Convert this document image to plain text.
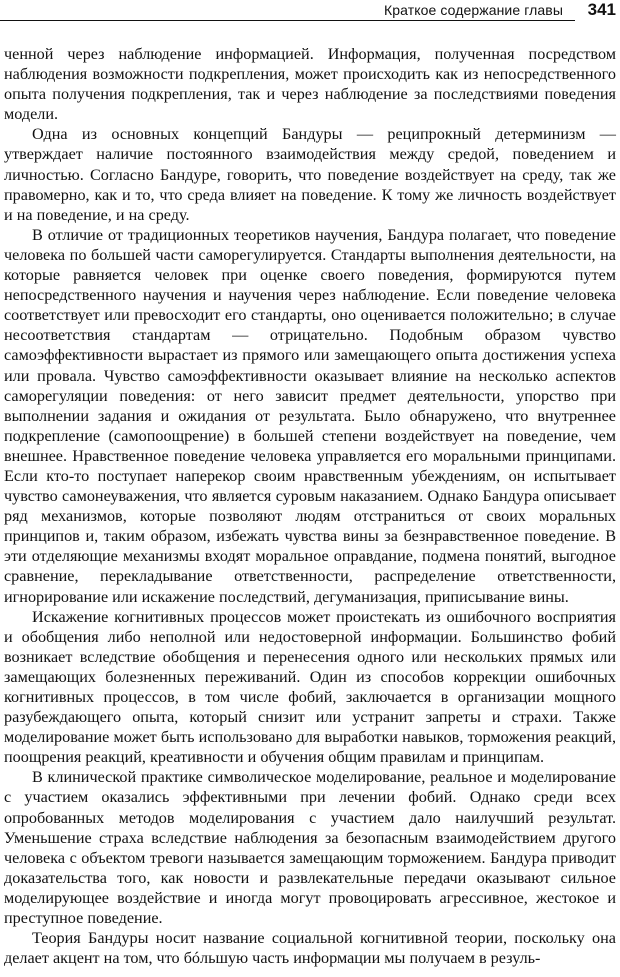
Краткое содержание главы 341

ченной через наблюдение информацией. Информация, полученная посредством наблюдения возможности подкрепления, может происходить как из непосредственного опыта получения подкрепления, так и через наблюдение за последствиями поведения модели.

Одна из основных концепций Бандуры — реципрокный детерминизм — утверждает наличие постоянного взаимодействия между средой, поведением и личностью. Согласно Бандуре, говорить, что поведение воздействует на среду, так же правомерно, как и то, что среда влияет на поведение. К тому же личность воздействует и на поведение, и на среду.

В отличие от традиционных теоретиков научения, Бандура полагает, что поведение человека по большей части саморегулируется. Стандарты выполнения деятельности, на которые равняется человек при оценке своего поведения, формируются путем непосредственного научения и научения через наблюдение. Если поведение человека соответствует или превосходит его стандарты, оно оценивается положительно; в случае несоответствия стандартам — отрицательно. Подобным образом чувство самоэффективности вырастает из прямого или замещающего опыта достижения успеха или провала. Чувство самоэффективности оказывает влияние на несколько аспектов саморегуляции поведения: от него зависит предмет деятельности, упорство при выполнении задания и ожидания от результата. Было обнаружено, что внутреннее подкрепление (самопоощрение) в большей степени воздействует на поведение, чем внешнее. Нравственное поведение человека управляется его моральными принципами. Если кто-то поступает наперекор своим нравственным убеждениям, он испытывает чувство самонеуважения, что является суровым наказанием. Однако Бандура описывает ряд механизмов, которые позволяют людям отстраниться от своих моральных принципов и, таким образом, избежать чувства вины за безнравственное поведение. В эти отделяющие механизмы входят моральное оправдание, подмена понятий, выгодное сравнение, перекладывание ответственности, распределение ответственности, игнорирование или искажение последствий, дегуманизация, приписывание вины.

Искажение когнитивных процессов может проистекать из ошибочного восприятия и обобщения либо неполной или недостоверной информации. Большинство фобий возникает вследствие обобщения и перенесения одного или нескольких прямых или замещающих болезненных переживаний. Один из способов коррекции ошибочных когнитивных процессов, в том числе фобий, заключается в организации мощного разубеждающего опыта, который снизит или устранит запреты и страхи. Также моделирование может быть использовано для выработки навыков, торможения реакций, поощрения реакций, креативности и обучения общим правилам и принципам.

В клинической практике символическое моделирование, реальное и моделирование с участием оказались эффективными при лечении фобий. Однако среди всех опробованных методов моделирования с участием дало наилучший результат. Уменьшение страха вследствие наблюдения за безопасным взаимодействием другого человека с объектом тревоги называется замещающим торможением. Бандура приводит доказательства того, как новости и развлекательные передачи оказывают сильное моделирующее воздействие и иногда могут провоцировать агрессивное, жестокое и преступное поведение.

Теория Бандуры носит название социальной когнитивной теории, поскольку она делает акцент на том, что бóльшую часть информации мы получаем в резуль-
